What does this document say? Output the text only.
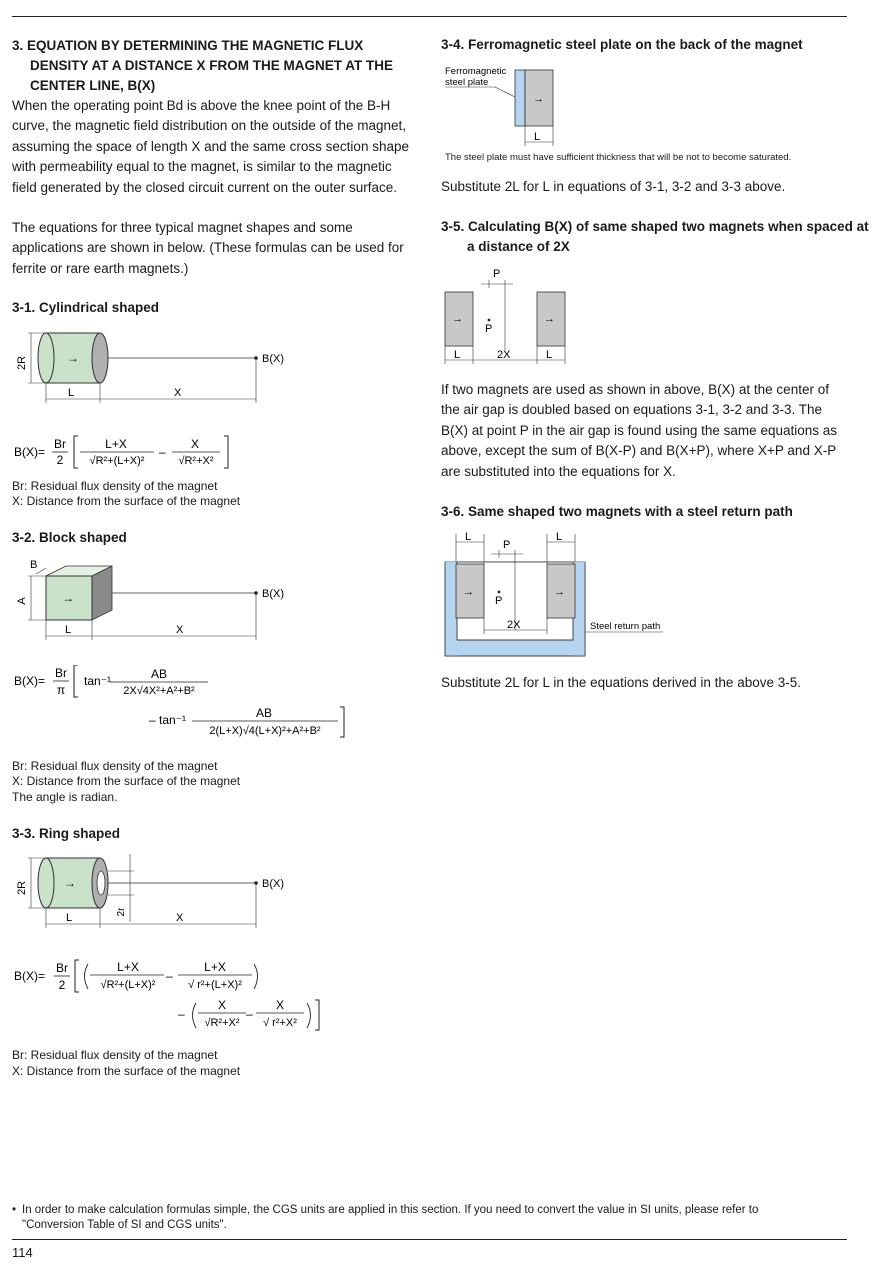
3. EQUATION BY DETERMINING THE MAGNETIC FLUX DENSITY AT A DISTANCE X FROM THE MAGNET AT THE CENTER LINE, B(X)

When the operating point Bd is above the knee point of the B-H curve, the magnetic field distribution on the outside of the magnet, assuming the space of length X and the same cross section shape with permeability equal to the magnet, is similar to the magnetic field generated by the closed circuit current on the outer surface.

The equations for three typical magnet shapes and some applications are shown in below. (These formulas can be used for ferrite or rare earth magnets.)

3-1. Cylindrical shaped
→	B(X)
2R
L	X
B(X)=
Br
2
L+X
√R²+(L+X)²
–
X
√R²+X²

Br: Residual flux density of the magnet

X: Distance from the surface of the magnet

3-2. Block shaped
→	B(X)
B
A
L	X
B(X)=
Br
π
tan⁻¹	AB
2X√4X²+A²+B²
– tan⁻¹	AB
2(L+X)√4(L+X)²+A²+B²

Br: Residual flux density of the magnet

X: Distance from the surface of the magnet

The angle is radian.

3-3. Ring shaped
→	B(X)
2R
2r
L	X
B(X)=
Br
2
L+X
√R²+(L+X)²
–
L+X
√ r²+(L+X)²
–
X
√R²+X²
–
X
√ r²+X²

Br: Residual flux density of the magnet

X: Distance from the surface of the magnet

3-4. Ferromagnetic steel plate on the back of the magnet
Ferromagnetic
steel plate
→
L

The steel plate must have sufficient thickness that will be not to become saturated.

Substitute 2L for L in equations of 3-1, 3-2 and 3-3 above.

3-5. Calculating B(X) of same shaped two magnets when spaced at a distance of 2X
→	→
P
P
L	2X	L

If two magnets are used as shown in above, B(X) at the center of the air gap is doubled based on equations 3-1, 3-2 and 3-3. The B(X) at point P in the air gap is found using the same equations as above, except the sum of B(X-P) and B(X+P), where X+P and X-P are substituted into the equations for X.

3-6. Same shaped two magnets with a steel return path
→	→
L	L
P
P
2X	Steel return path

Substitute 2L for L in the equations derived in the above 3-5.

• In order to make calculation formulas simple, the CGS units are applied in this section. If you need to convert the value in SI units, please refer to "Conversion Table of SI and CGS units".
114
